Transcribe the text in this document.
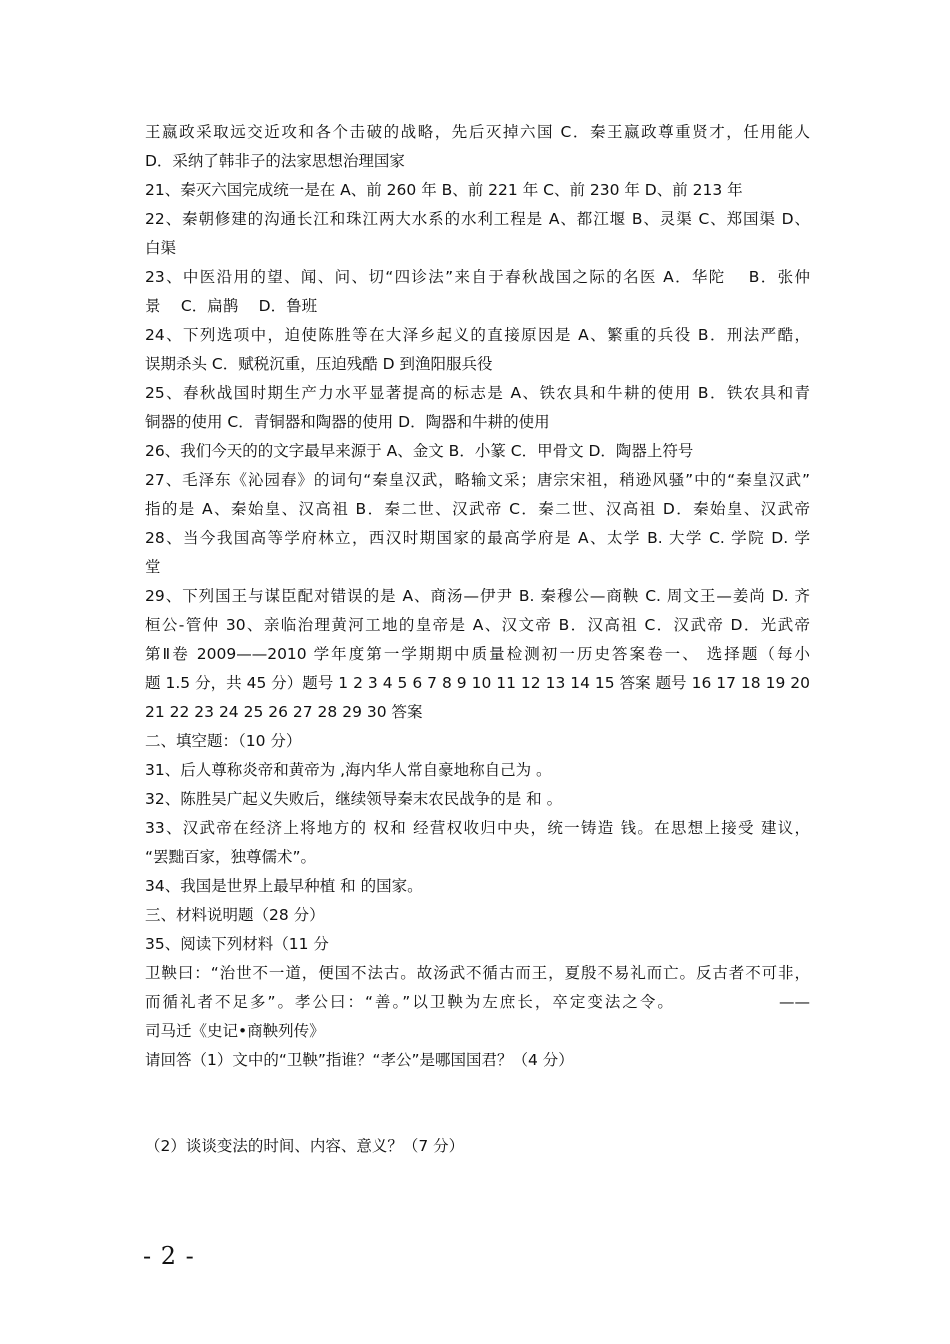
王嬴政采取远交近攻和各个击破的战略，先后灭掉六国 C．秦王嬴政尊重贤才，任用能人
D．采纳了韩非子的法家思想治理国家
21、秦灭六国完成统一是在 A、前 260 年 B、前 221 年 C、前 230 年 D、前 213 年
22、秦朝修建的沟通长江和珠江两大水系的水利工程是 A、都江堰 B、灵渠 C、郑国渠 D、
白渠
23、中医沿用的望、闻、问、切“四诊法”来自于春秋战国之际的名医 A．华陀　 B．张仲
景　 C．扁鹊　 D．鲁班
24、下列选项中，迫使陈胜等在大泽乡起义的直接原因是 A、繁重的兵役 B．刑法严酷，
误期杀头 C．赋税沉重，压迫残酷 D 到渔阳服兵役
25、春秋战国时期生产力水平显著提高的标志是 A、铁农具和牛耕的使用 B．铁农具和青
铜器的使用 C．青铜器和陶器的使用 D．陶器和牛耕的使用
26、我们今天的的文字最早来源于 A、金文 B．小篆 C．甲骨文 D．陶器上符号
27、毛泽东《沁园春》的词句“秦皇汉武，略输文采；唐宗宋祖，稍逊风骚”中的“秦皇汉武”
指的是 A、秦始皇、汉高祖 B．秦二世、汉武帝 C．秦二世、汉高祖 D．秦始皇、汉武帝
28、当今我国高等学府林立，西汉时期国家的最高学府是 A、太学 B. 大学 C. 学院 D. 学
堂
29、下列国王与谋臣配对错误的是 A、商汤—伊尹 B. 秦穆公—商鞅 C. 周文王—姜尚 D. 齐
桓公-管仲 30、亲临治理黄河工地的皇帝是 A、汉文帝 B．汉高祖 C．汉武帝 D．光武帝
第Ⅱ卷 2009——2010 学年度第一学期期中质量检测初一历史答案卷一、 选择题（每小
题 1.5 分，共 45 分）题号 1 2 3 4 5 6 7 8 9 10 11 12 13 14 15 答案 题号 16 17 18 19 20
21 22 23 24 25 26 27 28 29 30 答案
二、填空题：（10 分）
31、后人尊称炎帝和黄帝为 ,海内华人常自豪地称自己为 。
32、陈胜吴广起义失败后，继续领导秦末农民战争的是 和 。
33、汉武帝在经济上将地方的 权和 经营权收归中央，统一铸造 钱。在思想上接受 建议，
“罢黜百家，独尊儒术”。
34、我国是世界上最早种植 和 的国家。
三、材料说明题（28 分）
35、阅读下列材料（11 分
卫鞅曰：“治世不一道，便国不法古。故汤武不循古而王，夏殷不易礼而亡。反古者不可非，
而循礼者不足多”。孝公曰：“善。”以卫鞅为左庶长，卒定变法之令。　　　　　　 ——
司马迁《史记•商鞅列传》
请回答（1）文中的“卫鞅”指谁？“孝公”是哪国国君？（4 分）
（2）谈谈变法的时间、内容、意义？（7 分）
- 2 -
